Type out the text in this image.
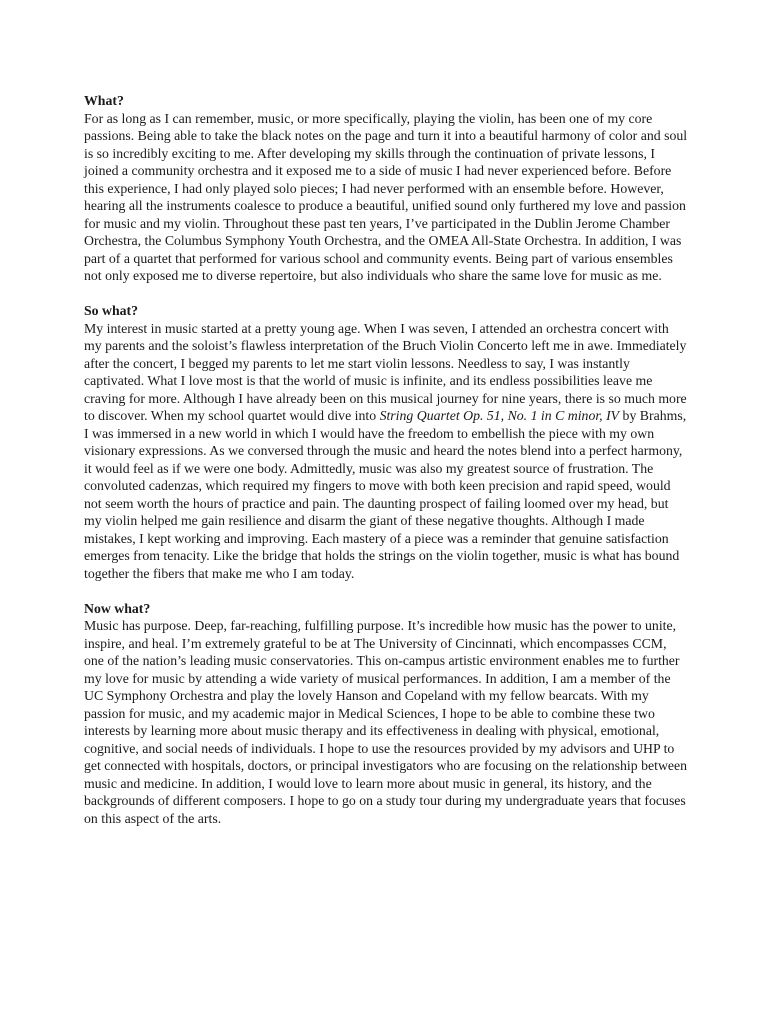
What?

For as long as I can remember, music, or more specifically, playing the violin, has been one of my core passions. Being able to take the black notes on the page and turn it into a beautiful harmony of color and soul is so incredibly exciting to me. After developing my skills through the continuation of private lessons, I joined a community orchestra and it exposed me to a side of music I had never experienced before. Before this experience, I had only played solo pieces; I had never performed with an ensemble before. However, hearing all the instruments coalesce to produce a beautiful, unified sound only furthered my love and passion for music and my violin. Throughout these past ten years, I’ve participated in the Dublin Jerome Chamber Orchestra, the Columbus Symphony Youth Orchestra, and the OMEA All-State Orchestra. In addition, I was part of a quartet that performed for various school and community events. Being part of various ensembles not only exposed me to diverse repertoire, but also individuals who share the same love for music as me.

So what?

My interest in music started at a pretty young age. When I was seven, I attended an orchestra concert with my parents and the soloist’s flawless interpretation of the Bruch Violin Concerto left me in awe. Immediately after the concert, I begged my parents to let me start violin lessons. Needless to say, I was instantly captivated. What I love most is that the world of music is infinite, and its endless possibilities leave me craving for more. Although I have already been on this musical journey for nine years, there is so much more to discover. When my school quartet would dive into String Quartet Op. 51, No. 1 in C minor, IV by Brahms, I was immersed in a new world in which I would have the freedom to embellish the piece with my own visionary expressions. As we conversed through the music and heard the notes blend into a perfect harmony, it would feel as if we were one body. Admittedly, music was also my greatest source of frustration. The convoluted cadenzas, which required my fingers to move with both keen precision and rapid speed, would not seem worth the hours of practice and pain. The daunting prospect of failing loomed over my head, but my violin helped me gain resilience and disarm the giant of these negative thoughts. Although I made mistakes, I kept working and improving. Each mastery of a piece was a reminder that genuine satisfaction emerges from tenacity. Like the bridge that holds the strings on the violin together, music is what has bound together the fibers that make me who I am today.

Now what?

Music has purpose. Deep, far-reaching, fulfilling purpose. It’s incredible how music has the power to unite, inspire, and heal. I’m extremely grateful to be at The University of Cincinnati, which encompasses CCM, one of the nation’s leading music conservatories. This on-campus artistic environment enables me to further my love for music by attending a wide variety of musical performances. In addition, I am a member of the UC Symphony Orchestra and play the lovely Hanson and Copeland with my fellow bearcats. With my passion for music, and my academic major in Medical Sciences, I hope to be able to combine these two interests by learning more about music therapy and its effectiveness in dealing with physical, emotional, cognitive, and social needs of individuals. I hope to use the resources provided by my advisors and UHP to get connected with hospitals, doctors, or principal investigators who are focusing on the relationship between music and medicine. In addition, I would love to learn more about music in general, its history, and the backgrounds of different composers. I hope to go on a study tour during my undergraduate years that focuses on this aspect of the arts.
